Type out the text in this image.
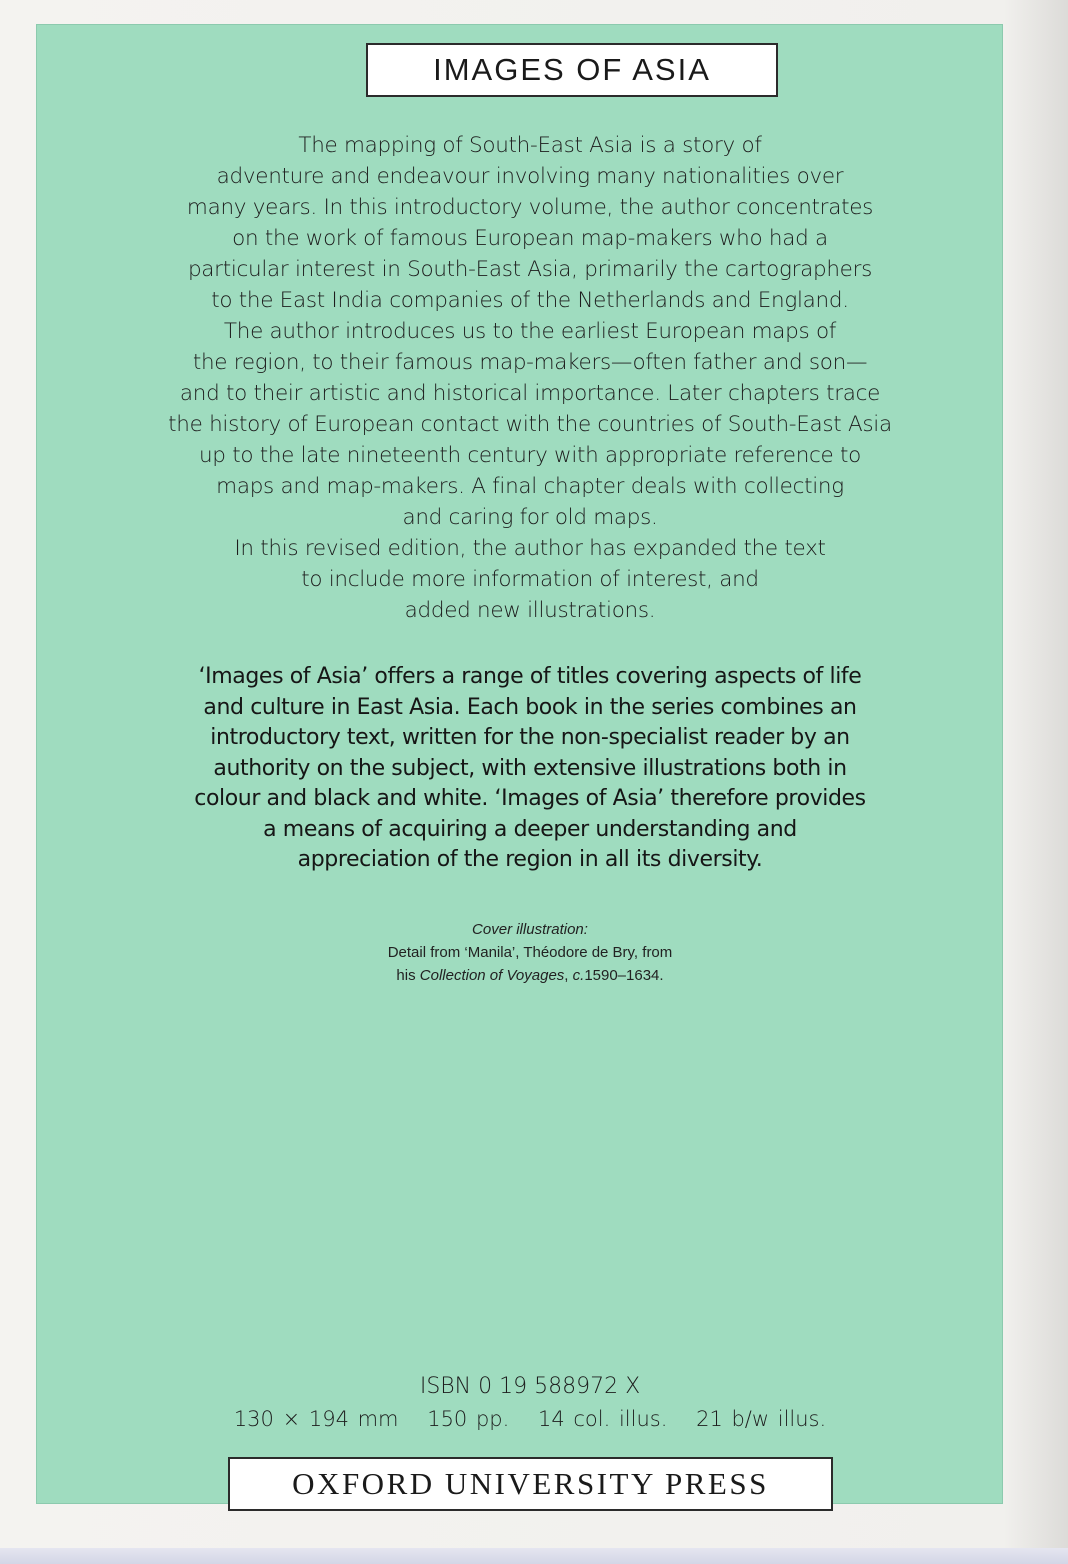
IMAGES OF ASIA
The mapping of South-East Asia is a story of
adventure and endeavour involving many nationalities over
many years. In this introductory volume, the author concentrates
on the work of famous European map-makers who had a
particular interest in South-East Asia, primarily the cartographers
to the East India companies of the Netherlands and England.
The author introduces us to the earliest European maps of
the region, to their famous map-makers—often father and son—
and to their artistic and historical importance. Later chapters trace
the history of European contact with the countries of South-East Asia
up to the late nineteenth century with appropriate reference to
maps and map-makers. A final chapter deals with collecting
and caring for old maps.
In this revised edition, the author has expanded the text
to include more information of interest, and
added new illustrations.
‘Images of Asia’ offers a range of titles covering aspects of life
and culture in East Asia. Each book in the series combines an
introductory text, written for the non-specialist reader by an
authority on the subject, with extensive illustrations both in
colour and black and white. ‘Images of Asia’ therefore provides
a means of acquiring a deeper understanding and
appreciation of the region in all its diversity.
Cover illustration:
Detail from ‘Manila’, Théodore de Bry, from
his Collection of Voyages, c.1590–1634.
ISBN 0 19 588972 X
130 × 194 mm 150 pp. 14 col. illus. 21 b/w illus.
OXFORD UNIVERSITY PRESS
